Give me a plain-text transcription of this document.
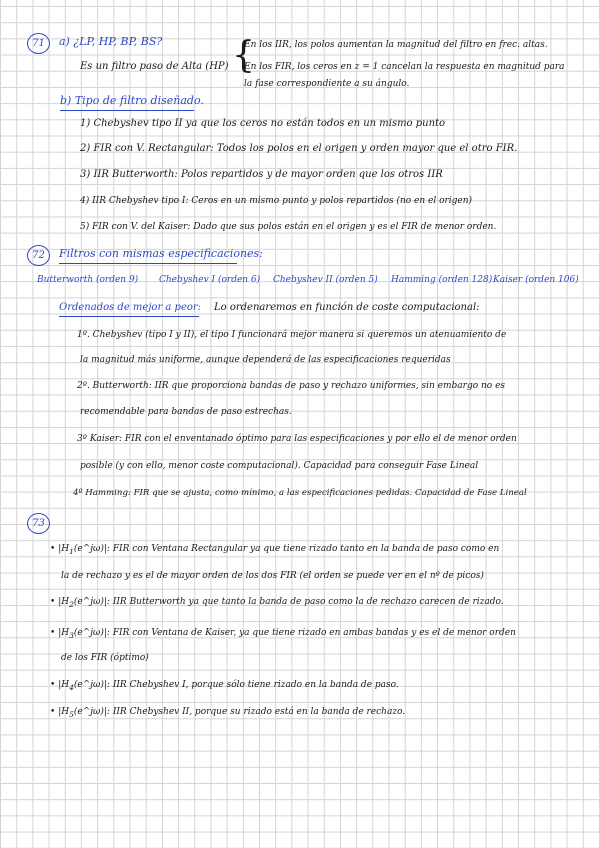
71	a) ¿LP, HP, BP, BS?
Es un filtro paso de Alta (HP) {
En los IIR, los polos aumentan la magnitud del filtro en frec. altas.
En los FIR, los ceros en z = 1 cancelan la respuesta en magnitud para
la fase correspondiente a su ángulo.
b) Tipo de filtro diseñado.
1) Chebyshev tipo II ya que los ceros no están todos en un mismo punto
2) FIR con V. Rectangular: Todos los polos en el origen y orden mayor que el otro FIR.
3) IIR Butterworth: Polos repartidos y de mayor orden que los otros IIR
4) IIR Chebyshev tipo I: Ceros en un mismo punto y polos repartidos (no en el origen)
5) FIR con V. del Kaiser: Dado que sus polos están en el origen y es el FIR de menor orden.
72	Filtros con mismas especificaciones:
Butterworth (orden 9) Chebyshev I (orden 6) Chebyshev II (orden 5) Hamming (orden 128) Kaiser (orden 106)
Ordenados de mejor a peor: Lo ordenaremos en función de coste computacional:
1º. Chebyshev (tipo I y II), el tipo I funcionará mejor manera si queremos un atenuamiento de
la magnitud más uniforme, aunque dependerá de las especificaciones requeridas
2º. Butterworth: IIR que proporciona bandas de paso y rechazo uniformes, sin embargo no es
recomendable para bandas de paso estrechas.
3º Kaiser: FIR con el enventanado óptimo para las especificaciones y por ello el de menor orden
posible (y con ello, menor coste computacional). Capacidad para conseguir Fase Lineal
4º Hamming: FIR que se ajusta, como mínimo, a las especificaciones pedidas. Capacidad de Fase Lineal
73
• $|H_1(e\^{}j\omega)|$: FIR con Ventana Rectangular ya que tiene rizado tanto en la banda de paso como en
la de rechazo y es el de mayor orden de los dos FIR (el orden se puede ver en el nº de picos)
• $|H_2(e\^{}j\omega)|$: IIR Butterworth ya que tanto la banda de paso como la de rechazo carecen de rizado.
• $|H_3(e\^{}j\omega)|$: FIR con Ventana de Kaiser, ya que tiene rizado en ambas bandas y es el de menor orden
de los FIR (óptimo)
• $|H_4(e\^{}j\omega)|$: IIR Chebyshev I, porque sólo tiene rizado en la banda de paso.
• $|H_5(e\^{}j\omega)|$: IIR Chebyshev II, porque su rizado está en la banda de rechazo.
